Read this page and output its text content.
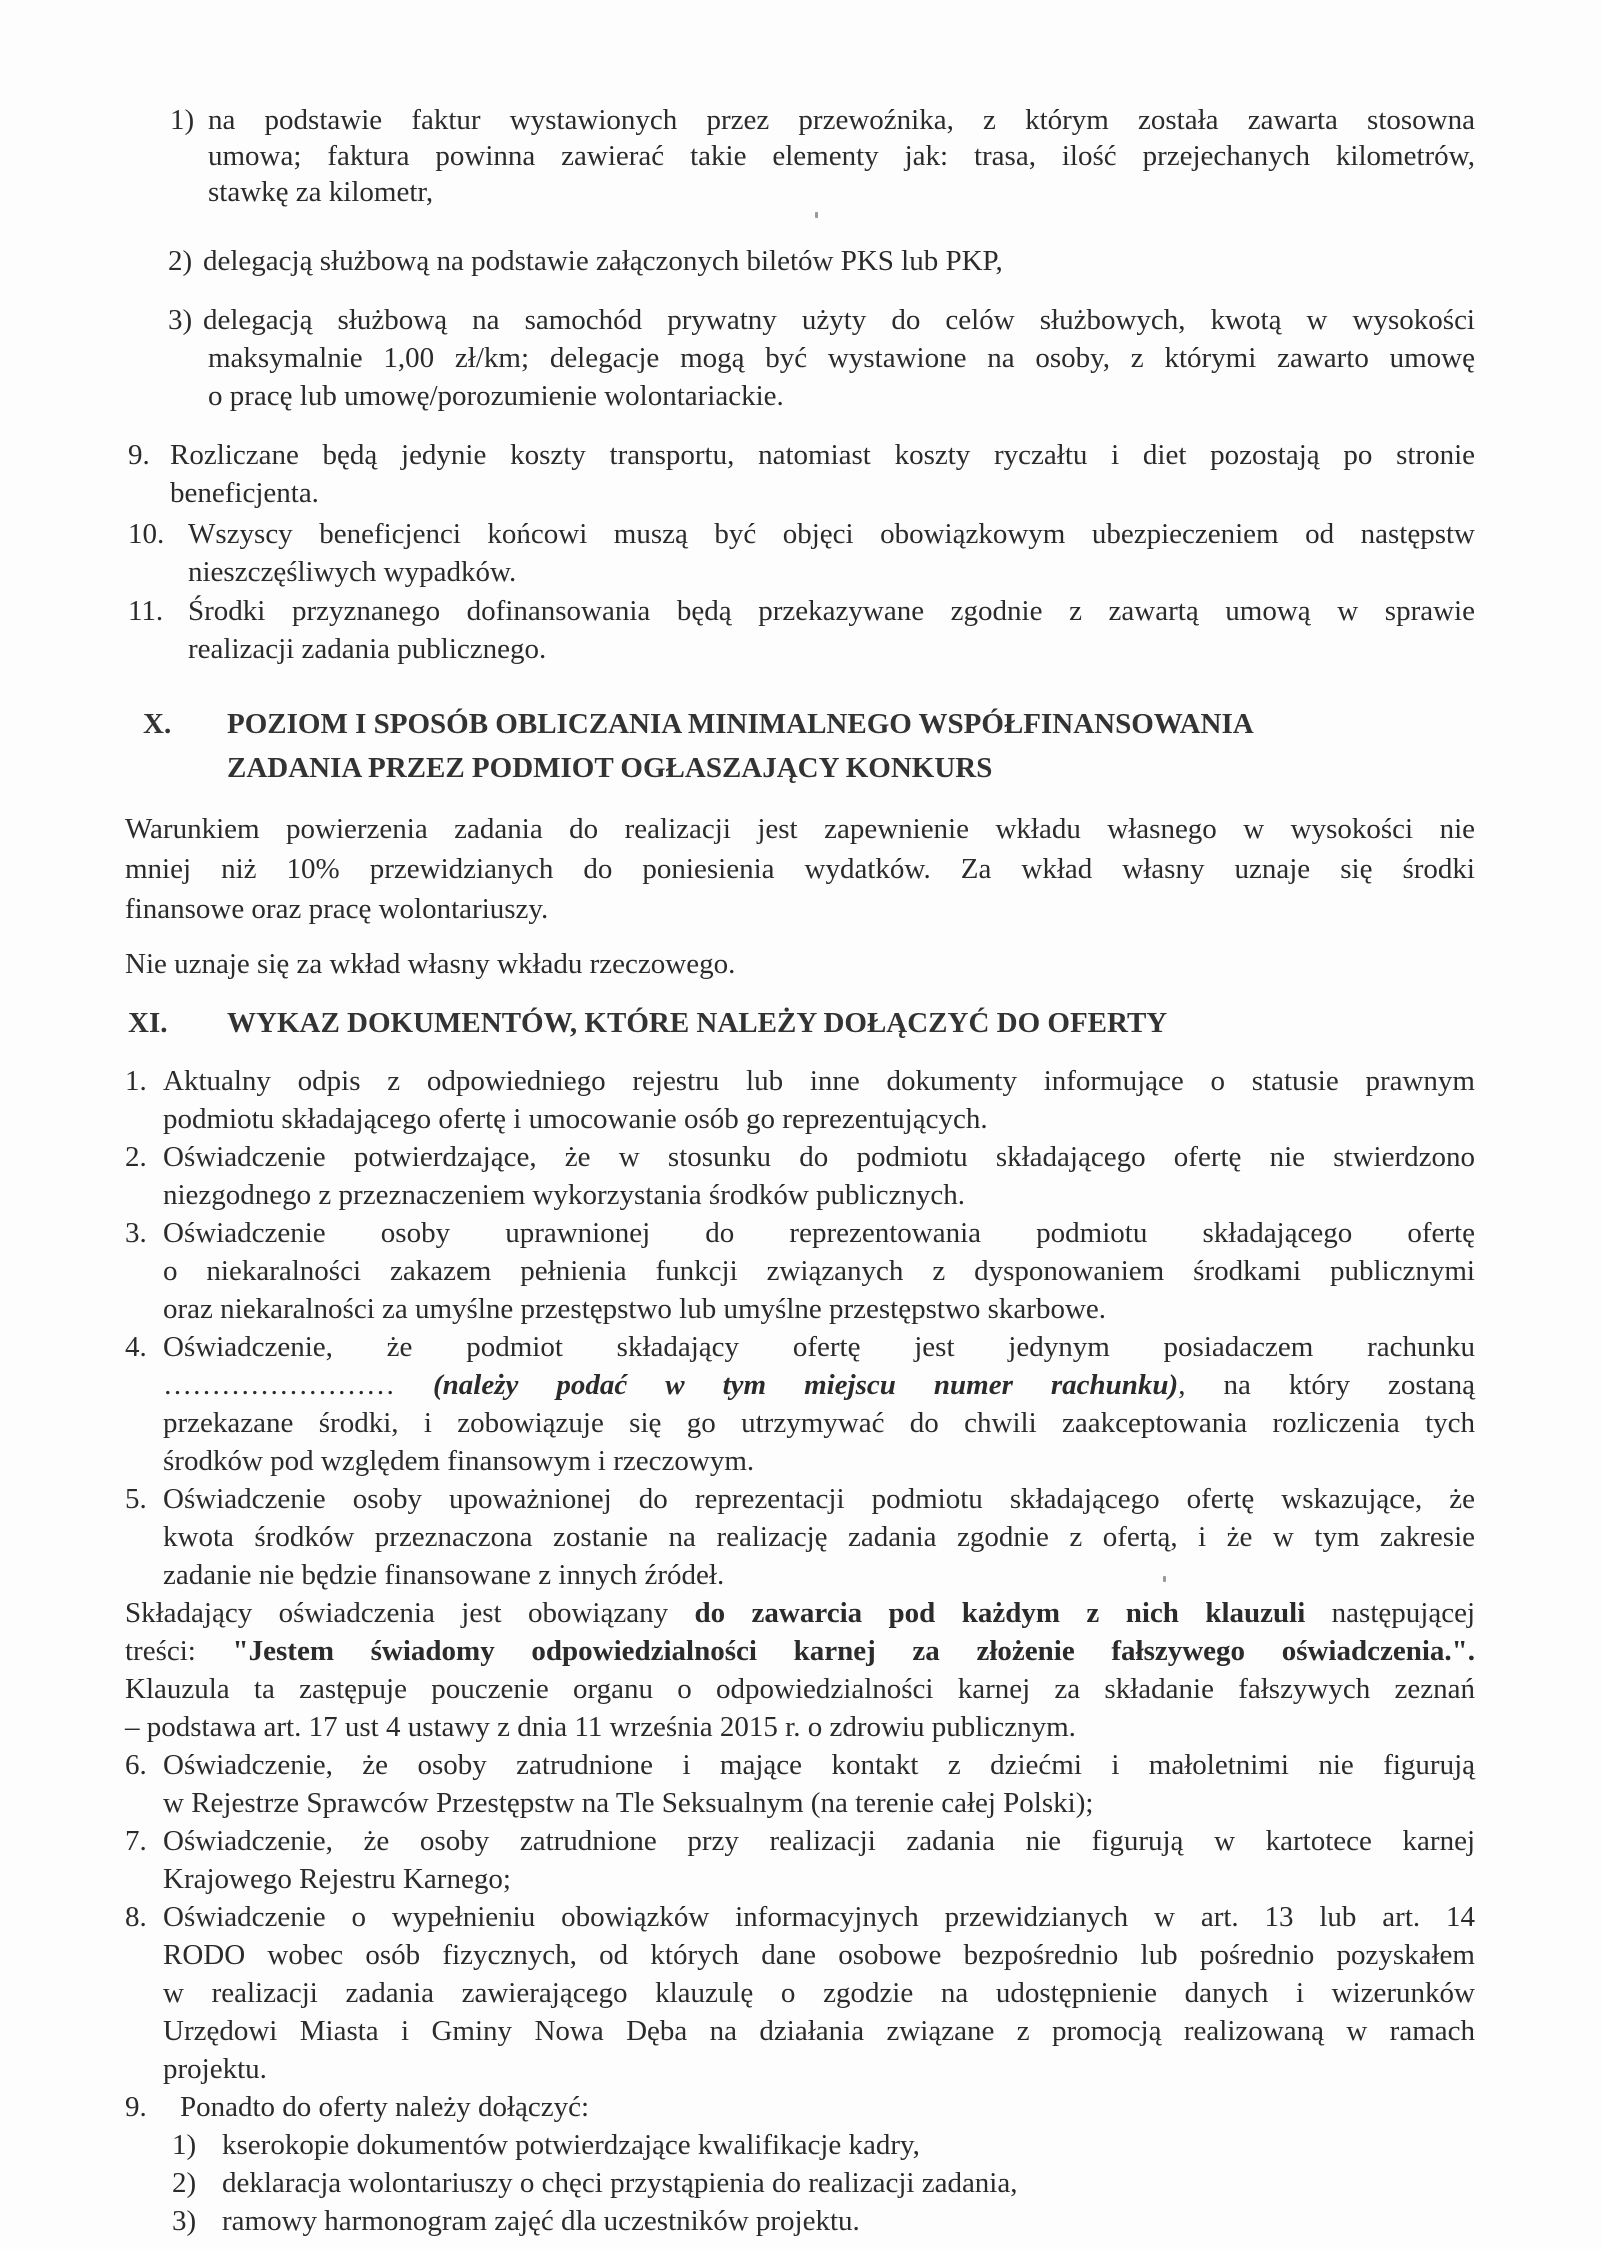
1) na podstawie faktur wystawionych przez przewoźnika, z którym została zawarta stosowna
umowa; faktura powinna zawierać takie elementy jak: trasa, ilość przejechanych kilometrów,
stawkę za kilometr,
2) delegacją służbową na podstawie załączonych biletów PKS lub PKP,
3) delegacją służbową na samochód prywatny użyty do celów służbowych, kwotą w wysokości
maksymalnie 1,00 zł/km; delegacje mogą być wystawione na osoby, z którymi zawarto umowę
o pracę lub umowę/porozumienie wolontariackie.
9. Rozliczane będą jedynie koszty transportu, natomiast koszty ryczałtu i diet pozostają po stronie
beneficjenta.
10. Wszyscy beneficjenci końcowi muszą być objęci obowiązkowym ubezpieczeniem od następstw
nieszczęśliwych wypadków.
11. Środki przyznanego dofinansowania będą przekazywane zgodnie z zawartą umową w sprawie
realizacji zadania publicznego.
X. POZIOM I SPOSÓB OBLICZANIA MINIMALNEGO WSPÓŁFINANSOWANIA
ZADANIA PRZEZ PODMIOT OGŁASZAJĄCY KONKURS
Warunkiem powierzenia zadania do realizacji jest zapewnienie wkładu własnego w wysokości nie
mniej niż 10% przewidzianych do poniesienia wydatków. Za wkład własny uznaje się środki
finansowe oraz pracę wolontariuszy.
Nie uznaje się za wkład własny wkładu rzeczowego.
XI. WYKAZ DOKUMENTÓW, KTÓRE NALEŻY DOŁĄCZYĆ DO OFERTY
1. Aktualny odpis z odpowiedniego rejestru lub inne dokumenty informujące o statusie prawnym
podmiotu składającego ofertę i umocowanie osób go reprezentujących.
2. Oświadczenie potwierdzające, że w stosunku do podmiotu składającego ofertę nie stwierdzono
niezgodnego z przeznaczeniem wykorzystania środków publicznych.
3. Oświadczenie osoby uprawnionej do reprezentowania podmiotu składającego ofertę
o niekaralności zakazem pełnienia funkcji związanych z dysponowaniem środkami publicznymi
oraz niekaralności za umyślne przestępstwo lub umyślne przestępstwo skarbowe.
4. Oświadczenie, że podmiot składający ofertę jest jedynym posiadaczem rachunku
…………………… (należy podać w tym miejscu numer rachunku), na który zostaną
przekazane środki, i zobowiązuje się go utrzymywać do chwili zaakceptowania rozliczenia tych
środków pod względem finansowym i rzeczowym.
5. Oświadczenie osoby upoważnionej do reprezentacji podmiotu składającego ofertę wskazujące, że
kwota środków przeznaczona zostanie na realizację zadania zgodnie z ofertą, i że w tym zakresie
zadanie nie będzie finansowane z innych źródeł.
Składający oświadczenia jest obowiązany do zawarcia pod każdym z nich klauzuli następującej
treści: "Jestem świadomy odpowiedzialności karnej za złożenie fałszywego oświadczenia.".
Klauzula ta zastępuje pouczenie organu o odpowiedzialności karnej za składanie fałszywych zeznań
– podstawa art. 17 ust 4 ustawy z dnia 11 września 2015 r. o zdrowiu publicznym.
6. Oświadczenie, że osoby zatrudnione i mające kontakt z dziećmi i małoletnimi nie figurują
w Rejestrze Sprawców Przestępstw na Tle Seksualnym (na terenie całej Polski);
7. Oświadczenie, że osoby zatrudnione przy realizacji zadania nie figurują w kartotece karnej
Krajowego Rejestru Karnego;
8. Oświadczenie o wypełnieniu obowiązków informacyjnych przewidzianych w art. 13 lub art. 14
RODO wobec osób fizycznych, od których dane osobowe bezpośrednio lub pośrednio pozyskałem
w realizacji zadania zawierającego klauzulę o zgodzie na udostępnienie danych i wizerunków
Urzędowi Miasta i Gminy Nowa Dęba na działania związane z promocją realizowaną w ramach
projektu.
9. Ponadto do oferty należy dołączyć:
1) kserokopie dokumentów potwierdzające kwalifikacje kadry,
2) deklaracja wolontariuszy o chęci przystąpienia do realizacji zadania,
3) ramowy harmonogram zajęć dla uczestników projektu.
